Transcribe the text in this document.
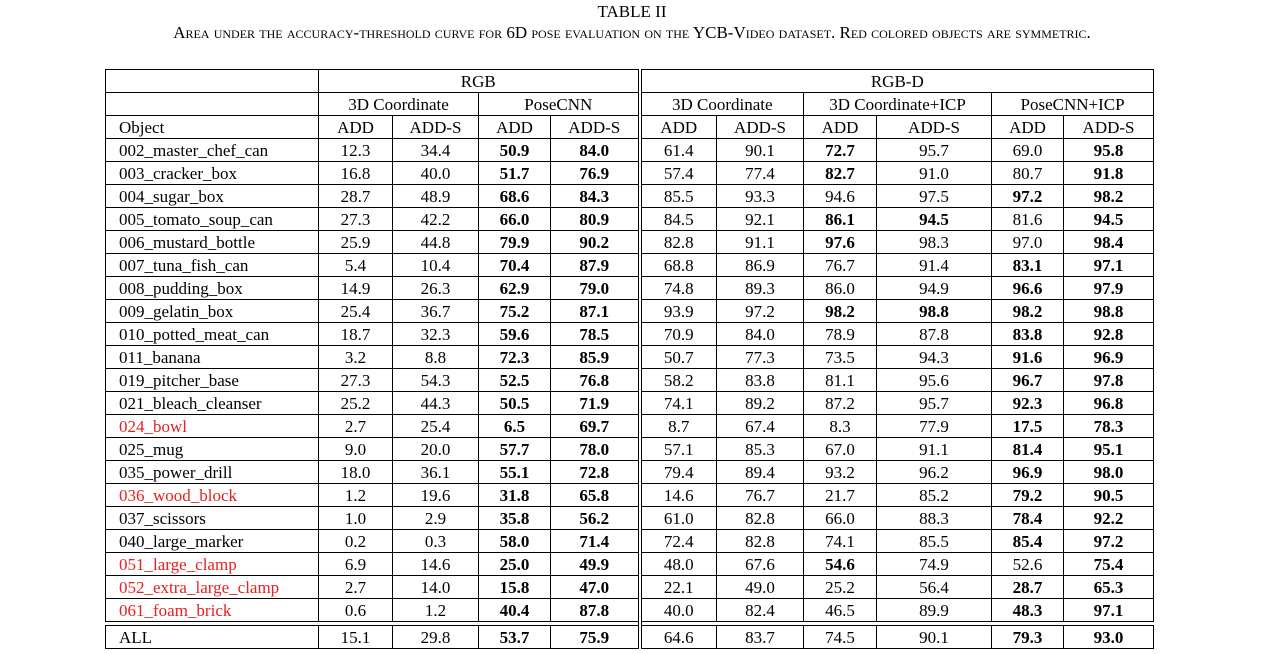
TABLE II
Area under the accuracy-threshold curve for 6D pose evaluation on the YCB-Video dataset. Red colored objects are symmetric.
	RGB				RGB-D					
	3D Coordinate		PoseCNN		3D Coordinate		3D Coordinate+ICP		PoseCNN+ICP	
Object	ADD	ADD-S	ADD	ADD-S	ADD	ADD-S	ADD	ADD-S	ADD	ADD-S
002_master_chef_can	12.3	34.4	50.9	84.0	61.4	90.1	72.7	95.7	69.0	95.8
003_cracker_box	16.8	40.0	51.7	76.9	57.4	77.4	82.7	91.0	80.7	91.8
004_sugar_box	28.7	48.9	68.6	84.3	85.5	93.3	94.6	97.5	97.2	98.2
005_tomato_soup_can	27.3	42.2	66.0	80.9	84.5	92.1	86.1	94.5	81.6	94.5
006_mustard_bottle	25.9	44.8	79.9	90.2	82.8	91.1	97.6	98.3	97.0	98.4
007_tuna_fish_can	5.4	10.4	70.4	87.9	68.8	86.9	76.7	91.4	83.1	97.1
008_pudding_box	14.9	26.3	62.9	79.0	74.8	89.3	86.0	94.9	96.6	97.9
009_gelatin_box	25.4	36.7	75.2	87.1	93.9	97.2	98.2	98.8	98.2	98.8
010_potted_meat_can	18.7	32.3	59.6	78.5	70.9	84.0	78.9	87.8	83.8	92.8
011_banana	3.2	8.8	72.3	85.9	50.7	77.3	73.5	94.3	91.6	96.9
019_pitcher_base	27.3	54.3	52.5	76.8	58.2	83.8	81.1	95.6	96.7	97.8
021_bleach_cleanser	25.2	44.3	50.5	71.9	74.1	89.2	87.2	95.7	92.3	96.8
024_bowl	2.7	25.4	6.5	69.7	8.7	67.4	8.3	77.9	17.5	78.3
025_mug	9.0	20.0	57.7	78.0	57.1	85.3	67.0	91.1	81.4	95.1
035_power_drill	18.0	36.1	55.1	72.8	79.4	89.4	93.2	96.2	96.9	98.0
036_wood_block	1.2	19.6	31.8	65.8	14.6	76.7	21.7	85.2	79.2	90.5
037_scissors	1.0	2.9	35.8	56.2	61.0	82.8	66.0	88.3	78.4	92.2
040_large_marker	0.2	0.3	58.0	71.4	72.4	82.8	74.1	85.5	85.4	97.2
051_large_clamp	6.9	14.6	25.0	49.9	48.0	67.6	54.6	74.9	52.6	75.4
052_extra_large_clamp	2.7	14.0	15.8	47.0	22.1	49.0	25.2	56.4	28.7	65.3
061_foam_brick	0.6	1.2	40.4	87.8	40.0	82.4	46.5	89.9	48.3	97.1

ALL	15.1	29.8	53.7	75.9	64.6	83.7	74.5	90.1	79.3	93.0
